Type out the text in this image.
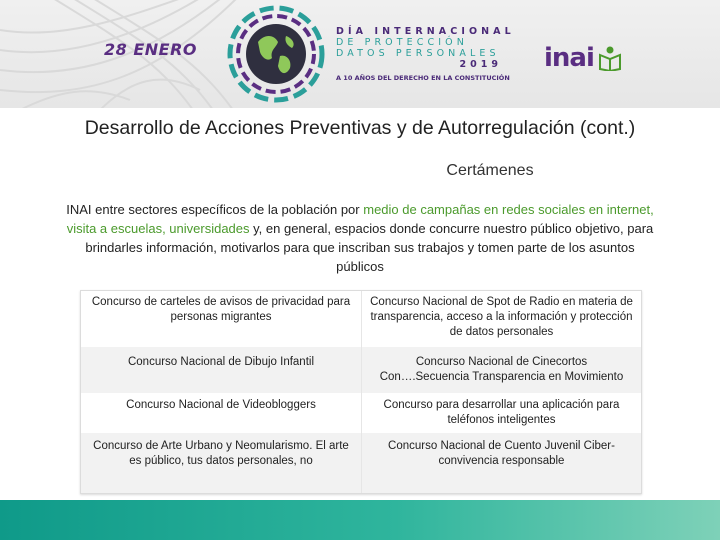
28 ENERO
DÍA INTERNACIONAL
DE PROTECCIÓN
DATOS PERSONALES
2019
A 10 AÑOS DEL DERECHO EN LA CONSTITUCIÓN
inai
Desarrollo de Acciones Preventivas y de Autorregulación (cont.)
Certámenes
INAI entre sectores específicos de la población por medio de campañas en redes sociales en internet, visita a escuelas, universidades y, en general, espacios donde concurre nuestro público objetivo, para brindarles información, motivarlos para que inscriban sus trabajos y tomen parte de los asuntos públicos
Concurso de carteles de avisos de privacidad para personas migrantes
Concurso Nacional de Spot de Radio en materia de transparencia, acceso a la información y protección de datos personales
Concurso Nacional de Dibujo Infantil	Concurso Nacional de Cinecortos Con….Secuencia Transparencia en Movimiento
Concurso Nacional de Videobloggers	Concurso para desarrollar una aplicación para teléfonos inteligentes
Concurso de Arte Urbano y Neomularismo. El arte es público, tus datos personales, no
Concurso Nacional de Cuento Juvenil Ciber-convivencia responsable
13
